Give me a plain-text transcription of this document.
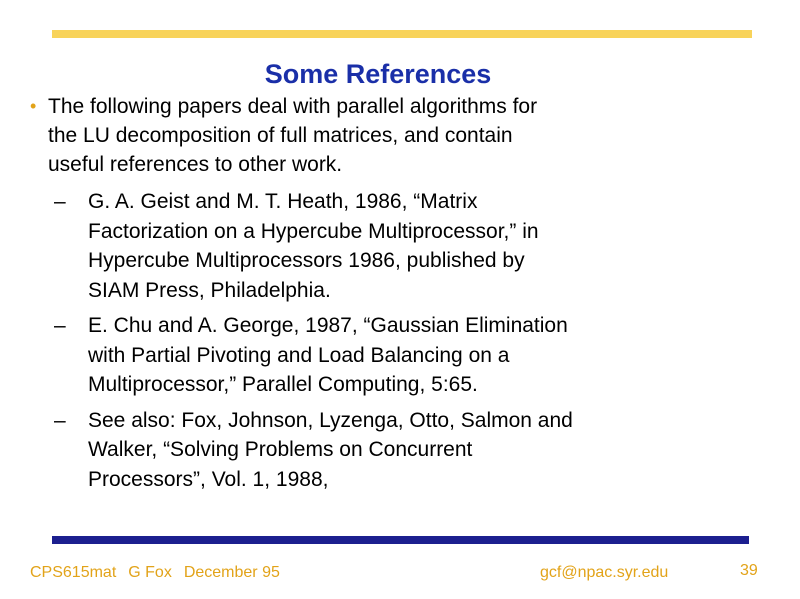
Some References
• The following papers deal with parallel algorithms for
the LU decomposition of full matrices, and contain
useful references to other work.
– G. A. Geist and M. T. Heath, 1986, “Matrix
Factorization on a Hypercube Multiprocessor,” in
Hypercube Multiprocessors 1986, published by
SIAM Press, Philadelphia.
– E. Chu and A. George, 1987, “Gaussian Elimination
with Partial Pivoting and Load Balancing on a
Multiprocessor,” Parallel Computing, 5:65.
– See also: Fox, Johnson, Lyzenga, Otto, Salmon and
Walker, “Solving Problems on Concurrent
Processors”, Vol. 1, 1988,
CPS615mat G Fox December 95	gcf@npac.syr.edu	39
